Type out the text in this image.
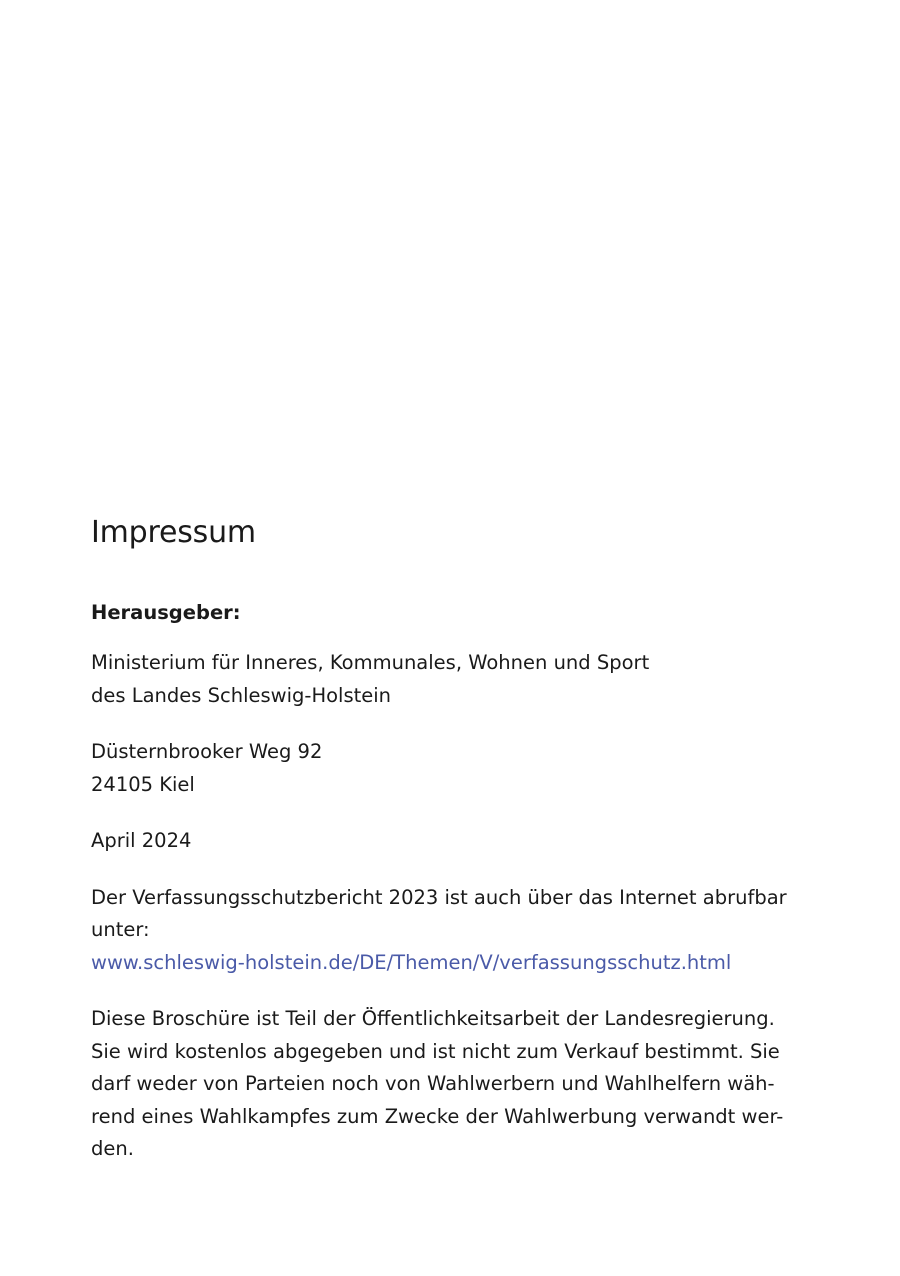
Impressum
Herausgeber:

Ministerium für Inneres, Kommunales, Wohnen und Sport
des Landes Schleswig-Holstein

Düsternbrooker Weg 92
24105 Kiel

April 2024

Der Verfassungsschutzbericht 2023 ist auch über das Internet abrufbar
unter:
www.schleswig-holstein.de/DE/Themen/V/verfassungsschutz.html

Diese Broschüre ist Teil der Öffentlichkeitsarbeit der Landesregierung.
Sie wird kostenlos abgegeben und ist nicht zum Verkauf bestimmt. Sie
darf weder von Parteien noch von Wahlwerbern und Wahlhelfern wäh-
rend eines Wahlkampfes zum Zwecke der Wahlwerbung verwandt wer-
den.
